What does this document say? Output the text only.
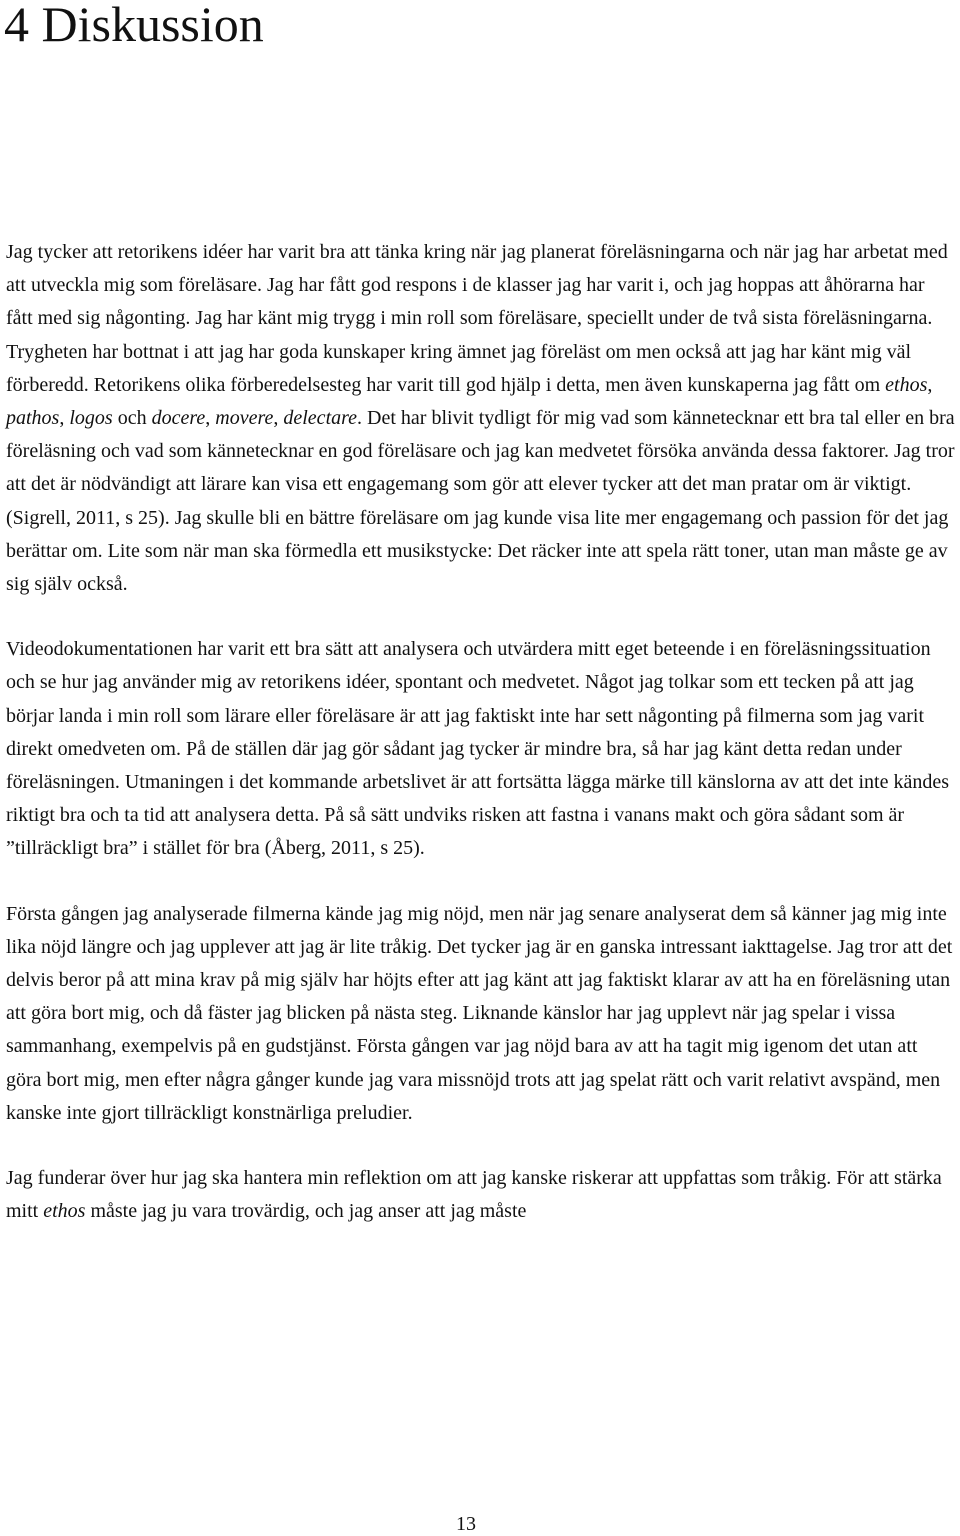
4 Diskussion

Jag tycker att retorikens idéer har varit bra att tänka kring när jag planerat föreläsningarna och när jag har arbetat med att utveckla mig som föreläsare. Jag har fått god respons i de klasser jag har varit i, och jag hoppas att åhörarna har fått med sig någonting. Jag har känt mig trygg i min roll som föreläsare, speciellt under de två sista föreläsningarna. Trygheten har bottnat i att jag har goda kunskaper kring ämnet jag föreläst om men också att jag har känt mig väl förberedd. Retorikens olika förberedelsesteg har varit till god hjälp i detta, men även kunskaperna jag fått om ethos, pathos, logos och docere, movere, delectare. Det har blivit tydligt för mig vad som kännetecknar ett bra tal eller en bra föreläsning och vad som kännetecknar en god föreläsare och jag kan medvetet försöka använda dessa faktorer. Jag tror att det är nödvändigt att lärare kan visa ett engagemang som gör att elever tycker att det man pratar om är viktigt. (Sigrell, 2011, s 25). Jag skulle bli en bättre föreläsare om jag kunde visa lite mer engagemang och passion för det jag berättar om. Lite som när man ska förmedla ett musikstycke: Det räcker inte att spela rätt toner, utan man måste ge av sig själv också.

Videodokumentationen har varit ett bra sätt att analysera och utvärdera mitt eget beteende i en föreläsningssituation och se hur jag använder mig av retorikens idéer, spontant och medvetet. Något jag tolkar som ett tecken på att jag börjar landa i min roll som lärare eller föreläsare är att jag faktiskt inte har sett någonting på filmerna som jag varit direkt omedveten om. På de ställen där jag gör sådant jag tycker är mindre bra, så har jag känt detta redan under föreläsningen. Utmaningen i det kommande arbetslivet är att fortsätta lägga märke till känslorna av att det inte kändes riktigt bra och ta tid att analysera detta. På så sätt undviks risken att fastna i vanans makt och göra sådant som är ”tillräckligt bra” i stället för bra (Åberg, 2011, s 25).

Första gången jag analyserade filmerna kände jag mig nöjd, men när jag senare analyserat dem så känner jag mig inte lika nöjd längre och jag upplever att jag är lite tråkig. Det tycker jag är en ganska intressant iakttagelse. Jag tror att det delvis beror på att mina krav på mig själv har höjts efter att jag känt att jag faktiskt klarar av att ha en föreläsning utan att göra bort mig, och då fäster jag blicken på nästa steg. Liknande känslor har jag upplevt när jag spelar i vissa sammanhang, exempelvis på en gudstjänst. Första gången var jag nöjd bara av att ha tagit mig igenom det utan att göra bort mig, men efter några gånger kunde jag vara missnöjd trots att jag spelat rätt och varit relativt avspänd, men kanske inte gjort tillräckligt konstnärliga preludier.

Jag funderar över hur jag ska hantera min reflektion om att jag kanske riskerar att uppfattas som tråkig. För att stärka mitt ethos måste jag ju vara trovärdig, och jag anser att jag måste

13
